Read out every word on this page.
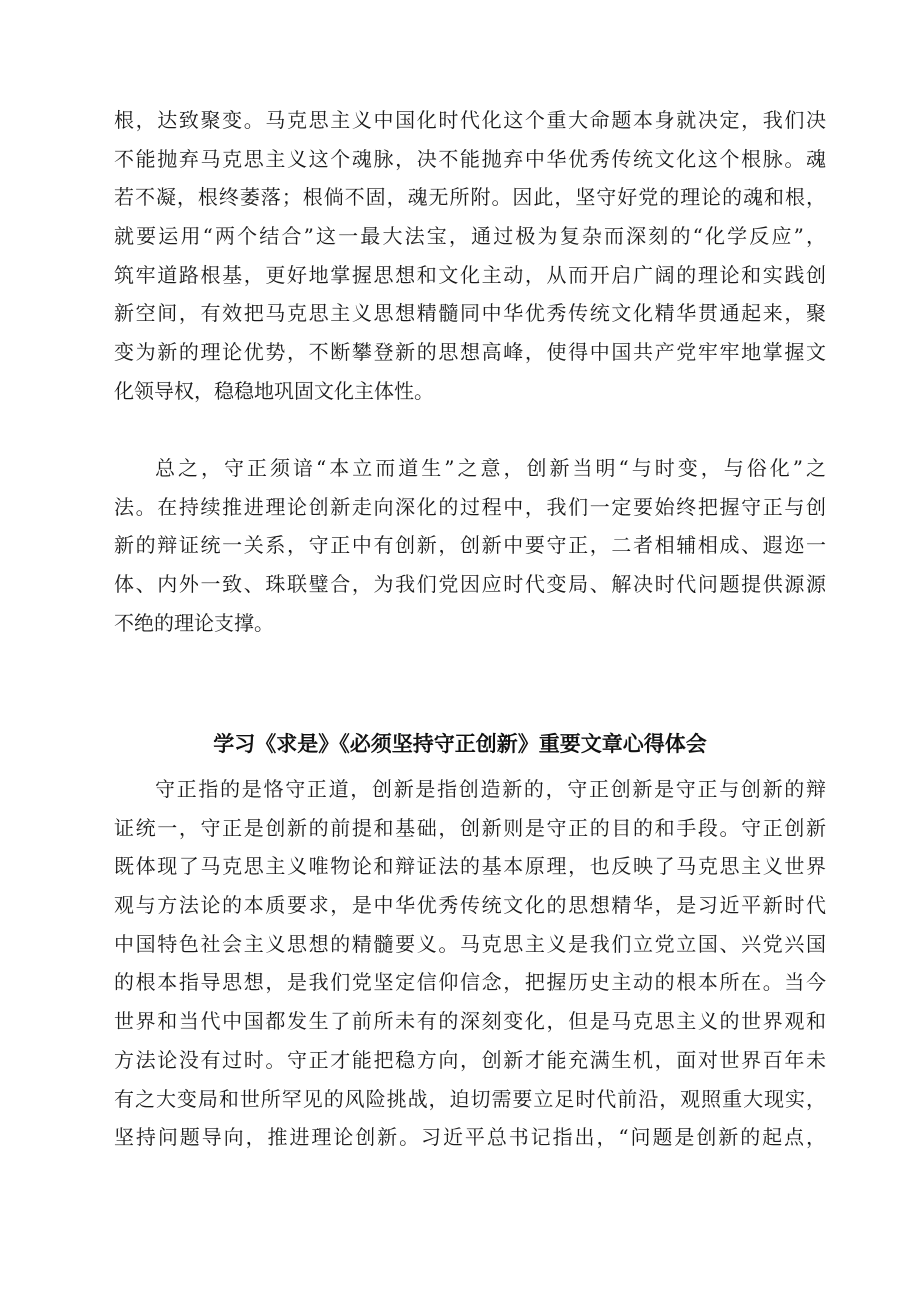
根，达致聚变。马克思主义中国化时代化这个重大命题本身就决定，我们决
不能抛弃马克思主义这个魂脉，决不能抛弃中华优秀传统文化这个根脉。魂
若不凝，根终萎落；根倘不固，魂无所附。因此，坚守好党的理论的魂和根，
就要运用“两个结合”这一最大法宝，通过极为复杂而深刻的“化学反应”，
筑牢道路根基，更好地掌握思想和文化主动，从而开启广阔的理论和实践创
新空间，有效把马克思主义思想精髓同中华优秀传统文化精华贯通起来，聚
变为新的理论优势，不断攀登新的思想高峰，使得中国共产党牢牢地掌握文
化领导权，稳稳地巩固文化主体性。
总之，守正须谙“本立而道生”之意，创新当明“与时变，与俗化”之
法。在持续推进理论创新走向深化的过程中，我们一定要始终把握守正与创
新的辩证统一关系，守正中有创新，创新中要守正，二者相辅相成、遐迩一
体、内外一致、珠联璧合，为我们党因应时代变局、解决时代问题提供源源
不绝的理论支撑。
学习《求是》《必须坚持守正创新》重要文章心得体会
守正指的是恪守正道，创新是指创造新的，守正创新是守正与创新的辩
证统一，守正是创新的前提和基础，创新则是守正的目的和手段。守正创新
既体现了马克思主义唯物论和辩证法的基本原理，也反映了马克思主义世界
观与方法论的本质要求，是中华优秀传统文化的思想精华，是习近平新时代
中国特色社会主义思想的精髓要义。马克思主义是我们立党立国、兴党兴国
的根本指导思想，是我们党坚定信仰信念，把握历史主动的根本所在。当今
世界和当代中国都发生了前所未有的深刻变化，但是马克思主义的世界观和
方法论没有过时。守正才能把稳方向，创新才能充满生机，面对世界百年未
有之大变局和世所罕见的风险挑战，迫切需要立足时代前沿，观照重大现实，
坚持问题导向，推进理论创新。习近平总书记指出，“问题是创新的起点，
